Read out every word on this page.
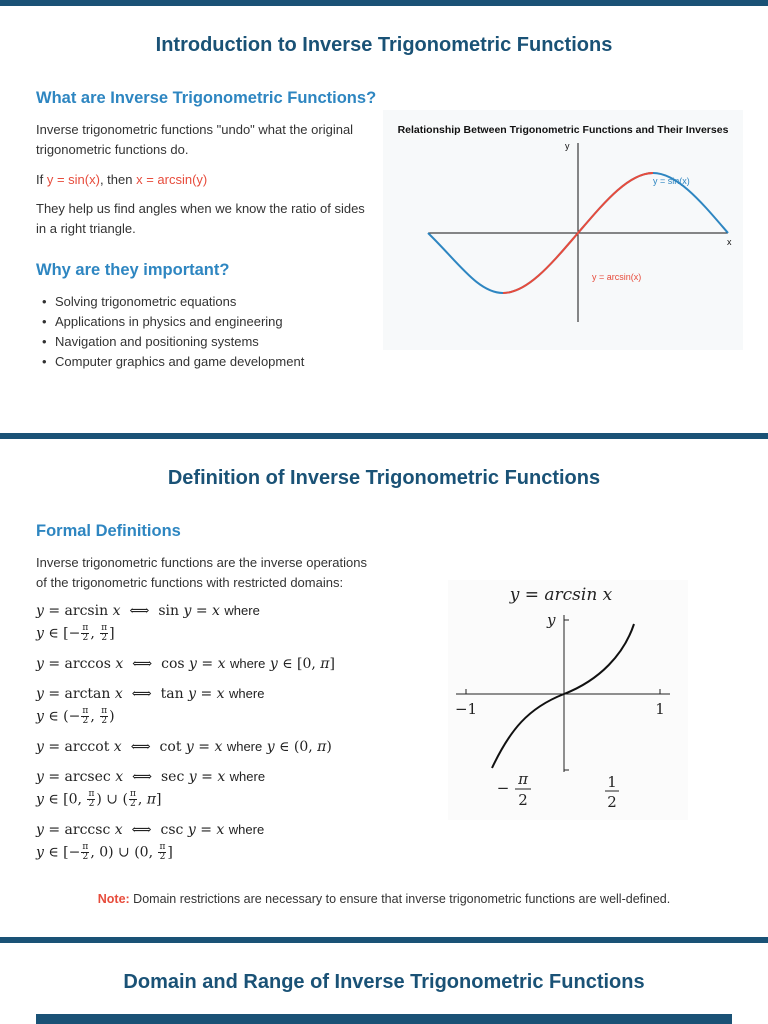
Introduction to Inverse Trigonometric Functions
What are Inverse Trigonometric Functions?

Inverse trigonometric functions "undo" what the original trigonometric functions do.

If y = sin(x), then x = arcsin(y)

They help us find angles when we know the ratio of sides in a right triangle.

Why are they important?
• Solving trigonometric equations
• Applications in physics and engineering
• Navigation and positioning systems
• Computer graphics and game development
Relationship Between Trigonometric Functions and Their Inverses
y
x
y = sin(x)
y = arcsin(x)
Definition of Inverse Trigonometric Functions
Formal Definitions

Inverse trigonometric functions are the inverse operations of the trigonometric functions with restricted domains:

y = arcsin x  ⟺  sin y = x where
y ∈ [− $\frac{\pi}{2}$ , $\frac{\pi}{2}$ ]
y = arccos x  ⟺  cos y = x where y ∈ [0, π]
y = arctan x  ⟺  tan y = x where
y ∈ (− $\frac{\pi}{2}$ , $\frac{\pi}{2}$ )
y = arccot x  ⟺  cot y = x where y ∈ (0, π)
y = arcsec x  ⟺  sec y = x where
y ∈ [0, $\frac{\pi}{2}$ ) ∪ ( $\frac{\pi}{2}$ , π]
y = arccsc x  ⟺  csc y = x where
y ∈ [− $\frac{\pi}{2}$ , 0) ∪ (0, $\frac{\pi}{2}$ ]
y = arcsin x
y
−1	1
− π
2
1
2

Note: Domain restrictions are necessary to ensure that inverse trigonometric functions are well-defined.

Domain and Range of Inverse Trigonometric Functions
